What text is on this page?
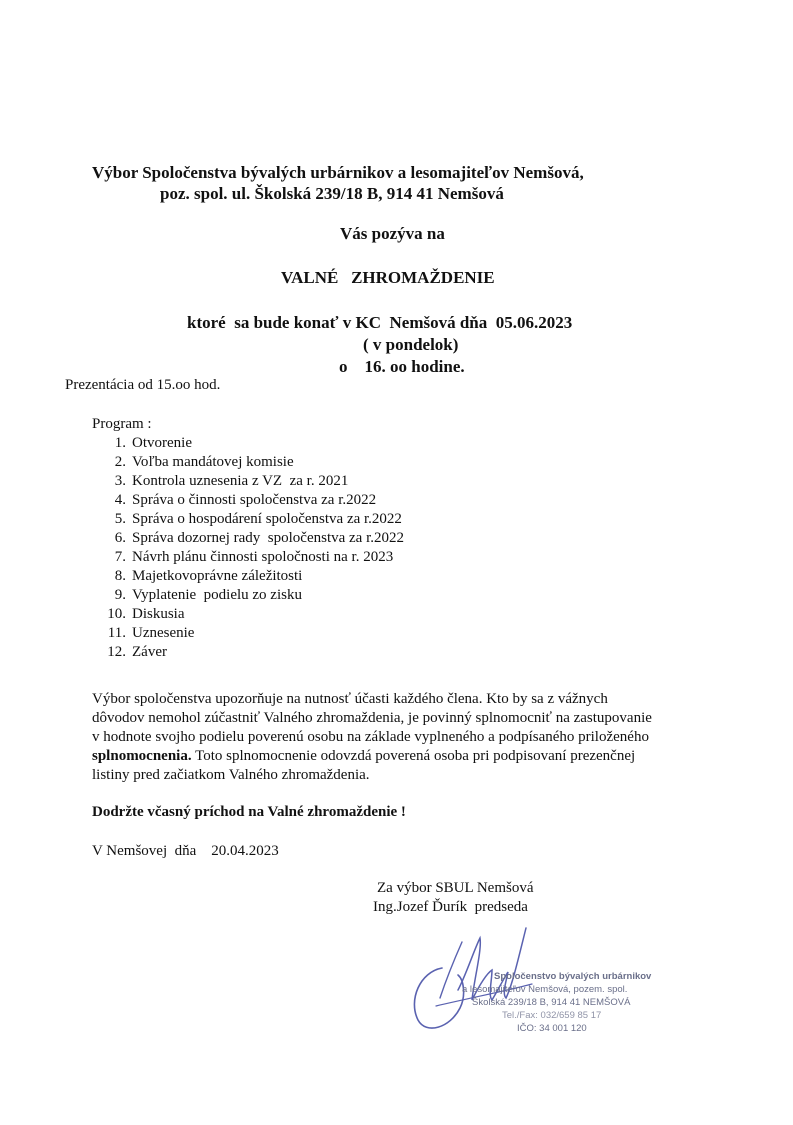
Výbor Spoločenstva bývalých urbárnikov a lesomajiteľov Nemšová,
poz. spol. ul. Školská 239/18 B, 914 41 Nemšová
Vás pozýva na
VALNÉ   ZHROMAŽDENIE
ktoré  sa bude konať v KC  Nemšová dňa  05.06.2023
( v pondelok)
o    16. oo hodine.
Prezentácia od 15.oo hod.
Program :
1. Otvorenie
2. Voľba mandátovej komisie
3. Kontrola uznesenia z VZ  za r. 2021
4. Správa o činnosti spoločenstva za r.2022
5. Správa o hospodárení spoločenstva za r.2022
6. Správa dozornej rady  spoločenstva za r.2022
7. Návrh plánu činnosti spoločnosti na r. 2023
8. Majetkovoprávne záležitosti
9. Vyplatenie  podielu zo zisku
10. Diskusia
11. Uznesenie
12. Záver

Výbor spoločenstva upozorňuje na nutnosť účasti každého člena. Kto by sa z vážnych

dôvodov nemohol zúčastniť Valného zhromaždenia, je povinný splnomocniť na zastupovanie

v hodnote svojho podielu poverenú osobu na základe vyplneného a podpísaného priloženého

splnomocnenia. Toto splnomocnenie odovzdá poverená osoba pri podpisovaní prezenčnej

listiny pred začiatkom Valného zhromaždenia.

Dodržte včasný príchod na Valné zhromaždenie !
V Nemšovej  dňa    20.04.2023
Za výbor SBUL Nemšová
Ing.Jozef Ďurík  predseda
Spoločenstvo bývalých urbárnikov
a lesomajiteľov Nemšová, pozem. spol.
Školská 239/18 B, 914 41 NEMŠOVÁ
Tel./Fax: 032/659 85 17
IČO: 34 001 120
